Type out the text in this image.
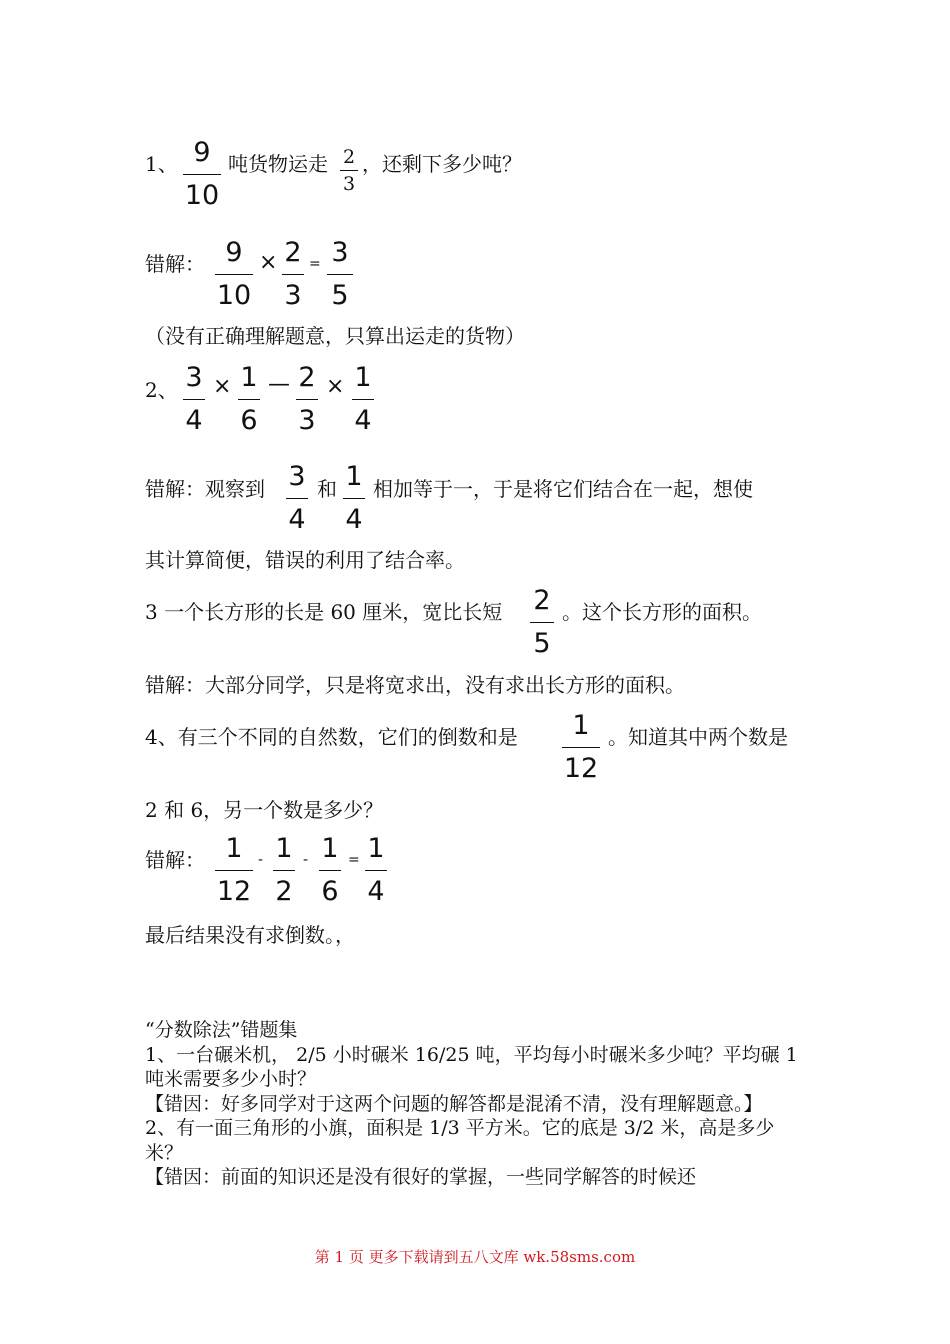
1、 9
10
吨货物运走 2
3
，还剩下多少吨？
错解： 9
10
× 2
3
= 3
5
（没有正确理解题意，只算出运走的货物）
2、 3
4
× 1
6
— 2
3
× 1
4
错解：观察到 3
4
和 1
4
相加等于一，于是将它们结合在一起，想使
其计算简便，错误的利用了结合率。
3 一个长方形的长是 60 厘米，宽比长短 2
5
。这个长方形的面积。
错解：大部分同学，只是将宽求出，没有求出长方形的面积。
4、有三个不同的自然数，它们的倒数和是	1
12
。知道其中两个数是
2 和 6，另一个数是多少？
错解： 1
12
- 1
2
- 1
6
= 1
4
最后结果没有求倒数。，

“分数除法”错题集

1、一台碾米机， 2/5 小时碾米 16/25 吨，平均每小时碾米多少吨？平均碾 1 吨米需要多少小时？

【错因：好多同学对于这两个问题的解答都是混淆不清，没有理解题意。】

2、有一面三角形的小旗，面积是 1/3 平方米。它的底是 3/2 米，高是多少米？

【错因：前面的知识还是没有很好的掌握，一些同学解答的时候还

第 1 页 更多下载请到五八文库 wk.58sms.com
